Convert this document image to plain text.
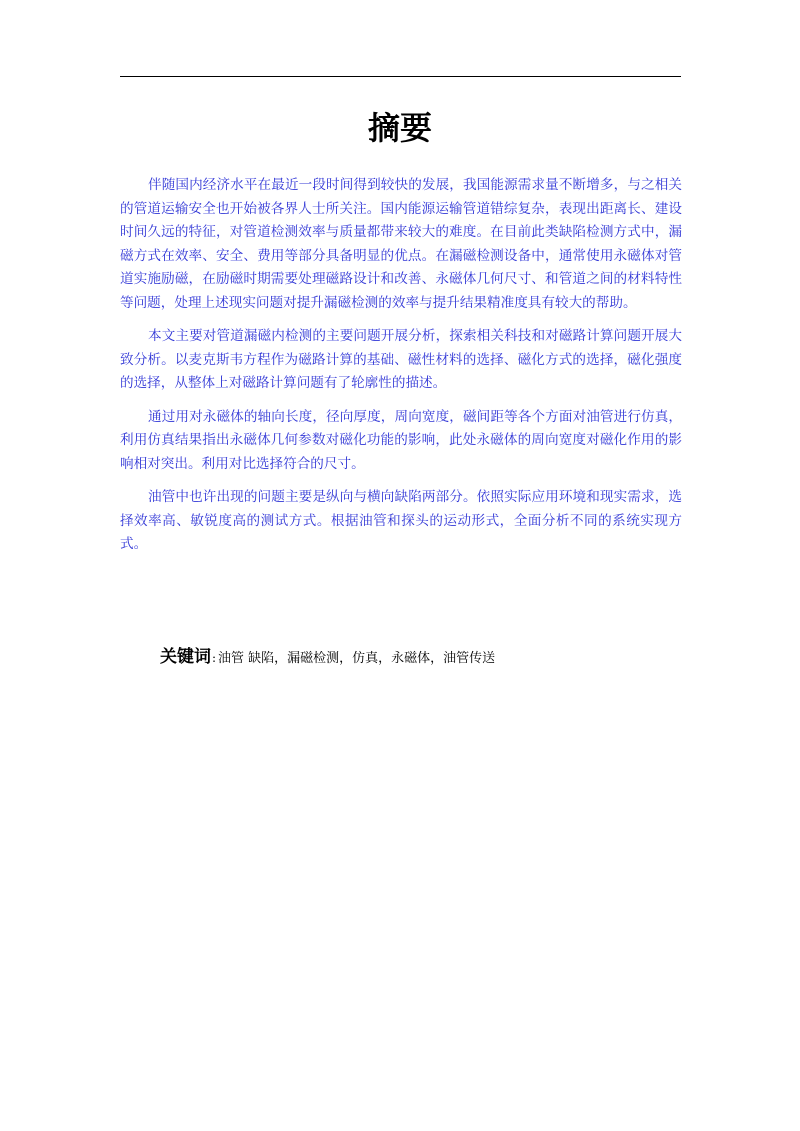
摘要

伴随国内经济水平在最近一段时间得到较快的发展，我国能源需求量不断增多，与之相关的管道运输安全也开始被各界人士所关注。国内能源运输管道错综复杂，表现出距离长、建设时间久远的特征，对管道检测效率与质量都带来较大的难度。在目前此类缺陷检测方式中，漏磁方式在效率、安全、费用等部分具备明显的优点。在漏磁检测设备中，通常使用永磁体对管道实施励磁，在励磁时期需要处理磁路设计和改善、永磁体几何尺寸、和管道之间的材料特性等问题，处理上述现实问题对提升漏磁检测的效率与提升结果精准度具有较大的帮助。

本文主要对管道漏磁内检测的主要问题开展分析，探索相关科技和对磁路计算问题开展大致分析。以麦克斯韦方程作为磁路计算的基础、磁性材料的选择、磁化方式的选择，磁化强度的选择，从整体上对磁路计算问题有了轮廓性的描述。

通过用对永磁体的轴向长度，径向厚度，周向宽度，磁间距等各个方面对油管进行仿真，利用仿真结果指出永磁体几何参数对磁化功能的影响，此处永磁体的周向宽度对磁化作用的影响相对突出。利用对比选择符合的尺寸。

油管中也许出现的问题主要是纵向与横向缺陷两部分。依照实际应用环境和现实需求，选择效率高、敏锐度高的测试方式。根据油管和探头的运动形式，全面分析不同的系统实现方式。

关键词: 油管 缺陷，漏磁检测，仿真，永磁体，油管传送
